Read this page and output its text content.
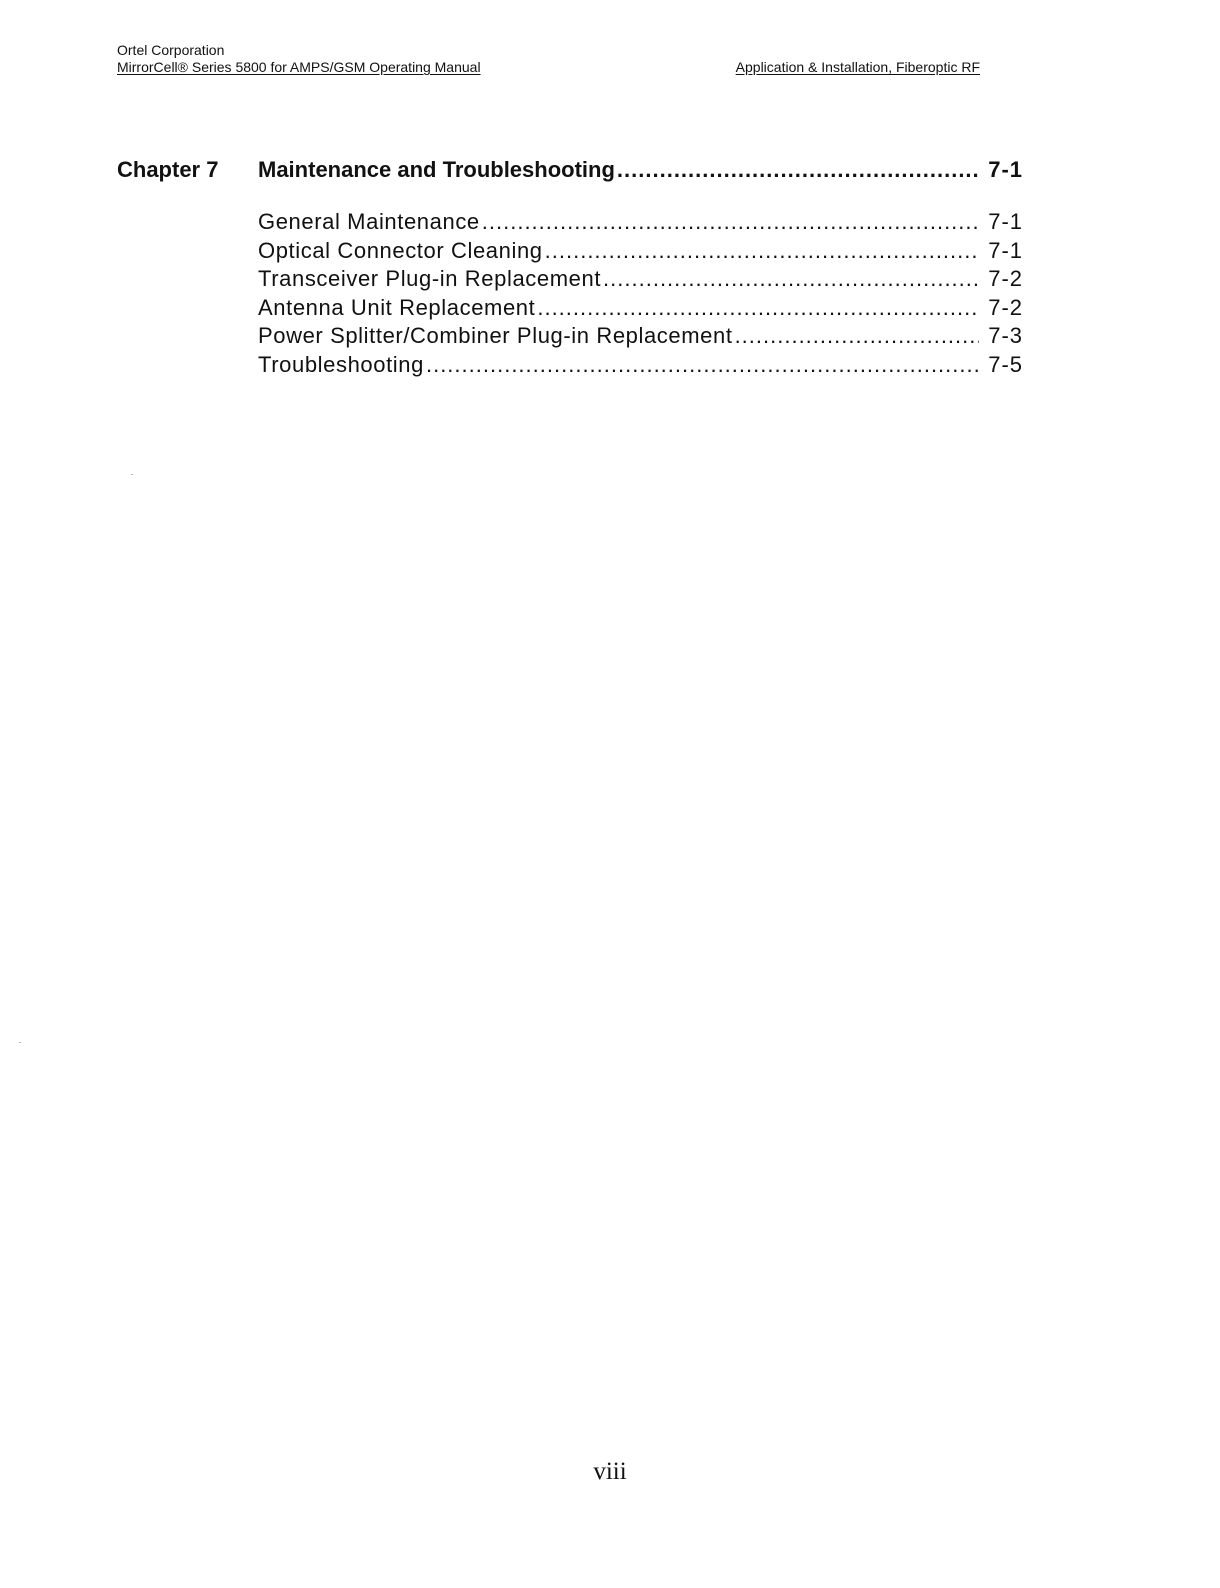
Ortel Corporation
MirrorCell® Series 5800 for AMPS/GSM Operating Manual	Application & Installation, Fiberoptic RF
Chapter 7	Maintenance and Troubleshooting .....	7-1
General Maintenance .....	7-1
Optical Connector Cleaning .....	7-1
Transceiver Plug-in Replacement .....	7-2
Antenna Unit Replacement .....	7-2
Power Splitter/Combiner Plug-in Replacement .....	7-3
Troubleshooting .....	7-5
viii
